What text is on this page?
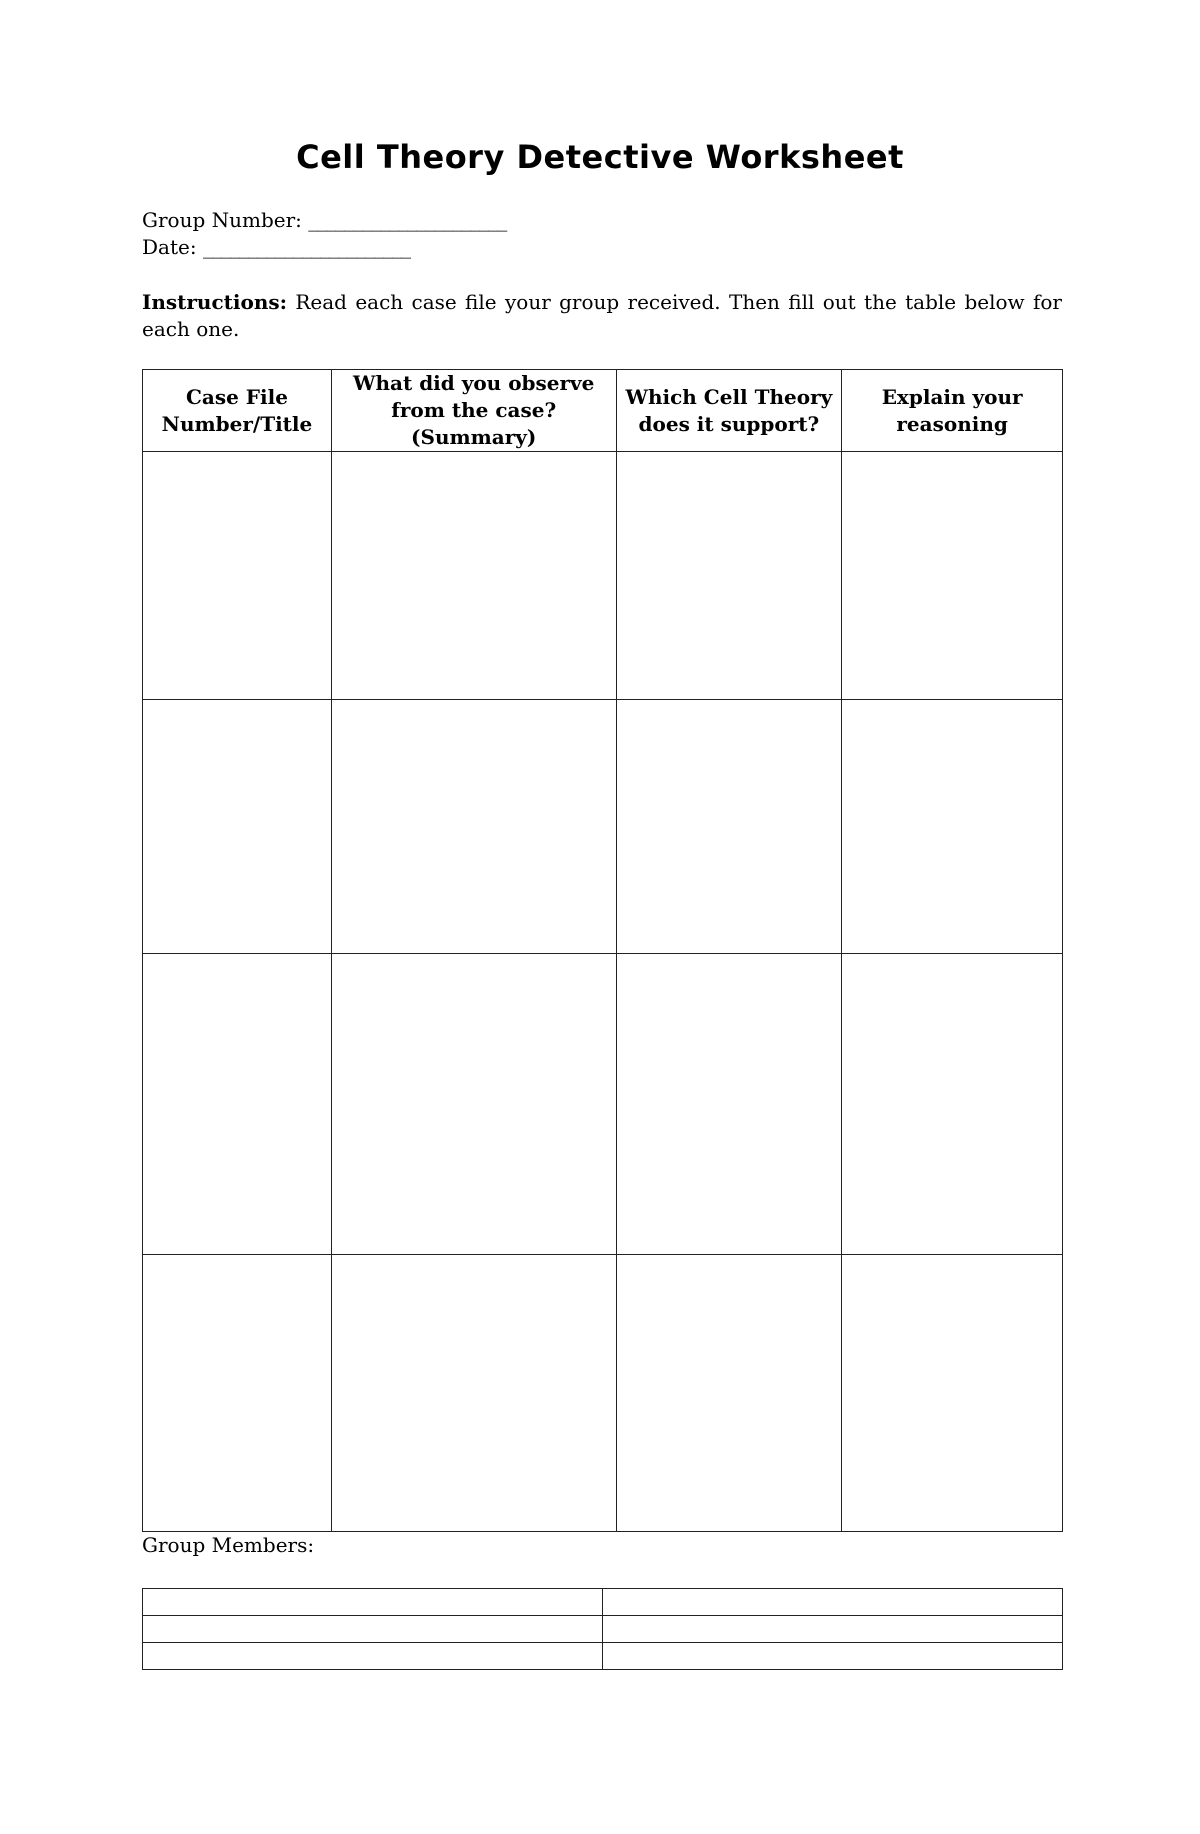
Cell Theory Detective Worksheet
Group Number: ______________________
Date: _______________________
Instructions: Read each case file your group received. Then fill out the table below for each one.
Case File Number/Title	What did you observe from the case? (Summary)	Which Cell Theory does it support?	Explain your reasoning

Group Members:
